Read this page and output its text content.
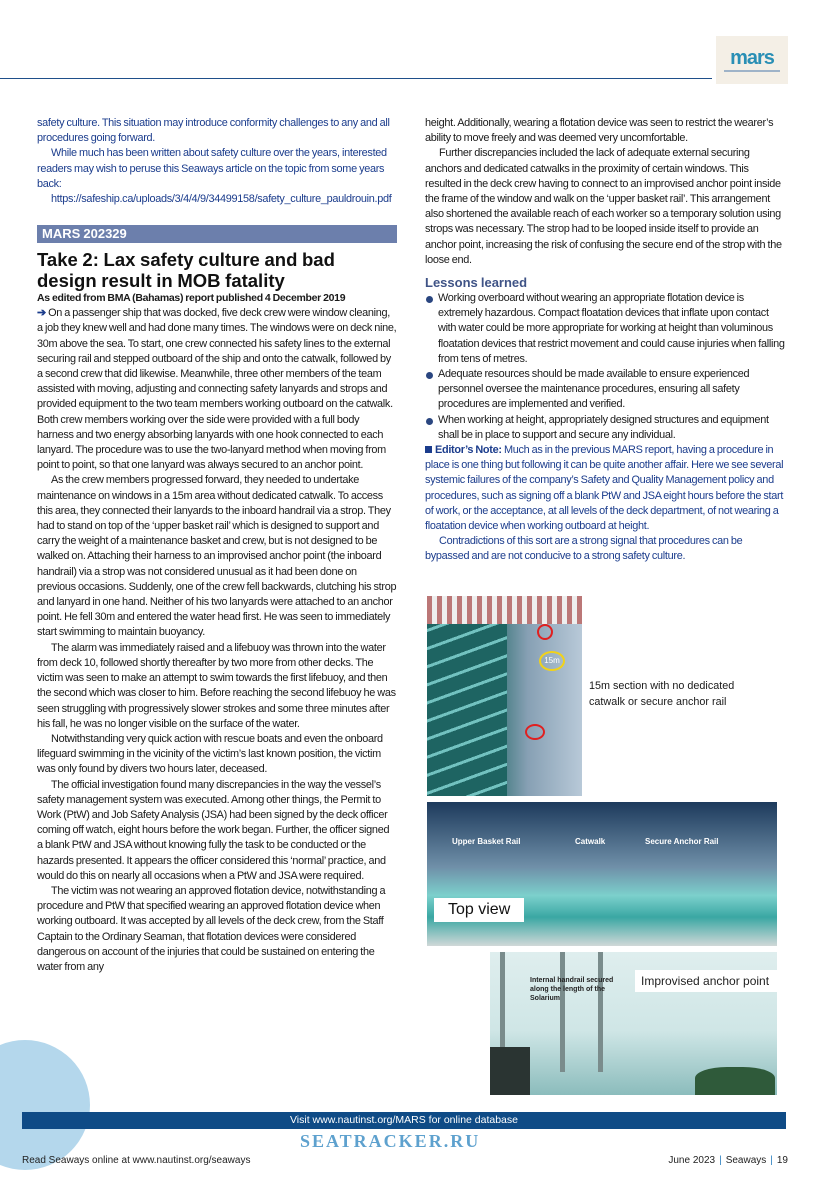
mars

safety culture. This situation may introduce conformity challenges to any and all procedures going forward.

While much has been written about safety culture over the years, interested readers may wish to peruse this Seaways article on the topic from some years back:

https://safeship.ca/uploads/3/4/4/9/34499158/safety_culture_pauldrouin.pdf

MARS 202329
Take 2: Lax safety culture and bad design result in MOB fatality
As edited from BMA (Bahamas) report published 4 December 2019

➔ On a passenger ship that was docked, five deck crew were window cleaning, a job they knew well and had done many times. The windows were on deck nine, 30m above the sea. To start, one crew connected his safety lines to the external securing rail and stepped outboard of the ship and onto the catwalk, followed by a second crew that did likewise. Meanwhile, three other members of the team assisted with moving, adjusting and connecting safety lanyards and strops and provided equipment to the two team members working outboard on the catwalk. Both crew members working over the side were provided with a full body harness and two energy absorbing lanyards with one hook connected to each lanyard. The procedure was to use the two-lanyard method when moving from point to point, so that one lanyard was always secured to an anchor point.

As the crew members progressed forward, they needed to undertake maintenance on windows in a 15m area without dedicated catwalk. To access this area, they connected their lanyards to the inboard handrail via a strop. They had to stand on top of the ‘upper basket rail’ which is designed to support and carry the weight of a maintenance basket and crew, but is not designed to be walked on. Attaching their harness to an improvised anchor point (the inboard handrail) via a strop was not considered unusual as it had been done on previous occasions. Suddenly, one of the crew fell backwards, clutching his strop and lanyard in one hand. Neither of his two lanyards were attached to an anchor point. He fell 30m and entered the water head first. He was seen to immediately start swimming to maintain buoyancy.

The alarm was immediately raised and a lifebuoy was thrown into the water from deck 10, followed shortly thereafter by two more from other decks. The victim was seen to make an attempt to swim towards the first lifebuoy, and then the second which was closer to him. Before reaching the second lifebuoy he was seen struggling with progressively slower strokes and some three minutes after his fall, he was no longer visible on the surface of the water.

Notwithstanding very quick action with rescue boats and even the onboard lifeguard swimming in the vicinity of the victim’s last known position, the victim was only found by divers two hours later, deceased.

The official investigation found many discrepancies in the way the vessel’s safety management system was executed. Among other things, the Permit to Work (PtW) and Job Safety Analysis (JSA) had been signed by the deck officer coming off watch, eight hours before the work began. Further, the officer signed a blank PtW and JSA without knowing fully the task to be conducted or the hazards presented. It appears the officer considered this ‘normal’ practice, and would do this on nearly all occasions when a PtW and JSA were required.

The victim was not wearing an approved flotation device, notwithstanding a procedure and PtW that specified wearing an approved flotation device when working outboard. It was accepted by all levels of the deck crew, from the Staff Captain to the Ordinary Seaman, that flotation devices were considered dangerous on account of the injuries that could be sustained on entering the water from any

height. Additionally, wearing a flotation device was seen to restrict the wearer’s ability to move freely and was deemed very uncomfortable.

Further discrepancies included the lack of adequate external securing anchors and dedicated catwalks in the proximity of certain windows. This resulted in the deck crew having to connect to an improvised anchor point inside the frame of the window and walk on the ‘upper basket rail’. This arrangement also shortened the available reach of each worker so a temporary solution using strops was necessary. The strop had to be looped inside itself to provide an anchor point, increasing the risk of confusing the secure end of the strop with the loose end.

Lessons learned
Working overboard without wearing an appropriate flotation device is extremely hazardous. Compact floatation devices that inflate upon contact with water could be more appropriate for working at height than voluminous floatation devices that restrict movement and could cause injuries when falling from tens of metres.
Adequate resources should be made available to ensure experienced personnel oversee the maintenance procedures, ensuring all safety procedures are implemented and verified.
When working at height, appropriately designed structures and equipment shall be in place to support and secure any individual.

Editor’s Note: Much as in the previous MARS report, having a procedure in place is one thing but following it can be quite another affair. Here we see several systemic failures of the company’s Safety and Quality Management policy and procedures, such as signing off a blank PtW and JSA eight hours before the start of work, or the acceptance, at all levels of the deck department, of not wearing a floatation device when working outboard at height.

Contradictions of this sort are a strong signal that procedures can be bypassed and are not conducive to a strong safety culture.

15m
15m section with no dedicated catwalk or secure anchor rail
Upper Basket Rail	Catwalk	Secure Anchor Rail
Top view
Internal handrail secured along the length of the Solarium
Improvised anchor point
Visit www.nautinst.org/MARS for online database
SEATRACKER.RU
Read Seaways online at www.nautinst.org/seaways	June 2023 | Seaways | 19
